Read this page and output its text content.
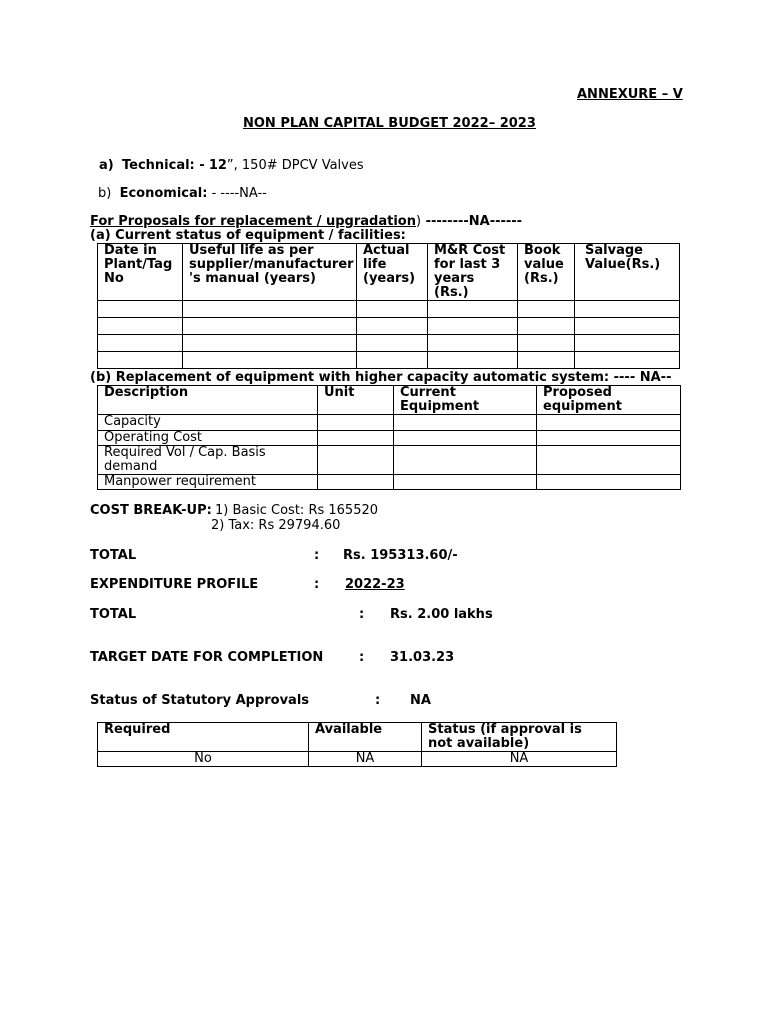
ANNEXURE – V
NON PLAN CAPITAL BUDGET 2022– 2023
a) Technical: - 12”, 150# DPCV Valves
b) Economical: - ----NA--
For Proposals for replacement / upgradation) --------NA------
(a) Current status of equipment / facilities:
Date in Plant/Tag No	Useful life as per supplier/manufacturer 's manual (years)	Actual life (years)	M&R Cost for last 3 years (Rs.)	Book value (Rs.)	Salvage Value(Rs.)

(b) Replacement of equipment with higher capacity automatic system: ---- NA--
Description	Unit	Current Equipment	Proposed equipment
Capacity			
Operating Cost			
Required Vol / Cap. Basis demand			
Manpower requirement			
COST BREAK-UP: 1) Basic Cost: Rs 165520
2) Tax: Rs 29794.60
TOTAL	: Rs. 195313.60/-
EXPENDITURE PROFILE	: 2022-23
TOTAL	: Rs. 2.00 lakhs
TARGET DATE FOR COMPLETION	: 31.03.23
Status of Statutory Approvals	: NA
Required	Available	Status (if approval is not available)
No	NA	NA
